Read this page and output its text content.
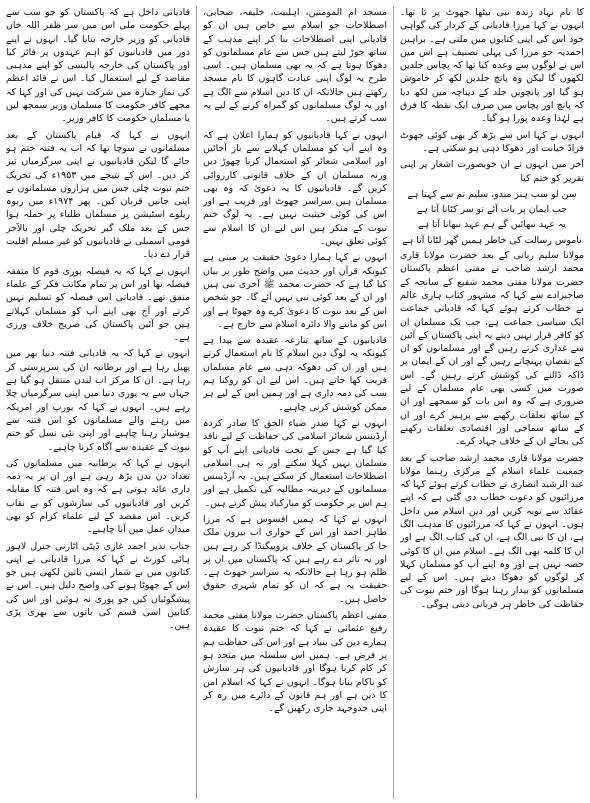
کا نام نہاد زندہ نبی بیٹھا جھوٹ پر تا تھا۔ انہوں نے کہا مرزا قادیانی کے کردار کی گواہی خود اس کی اپنی کتابوں میں ملتی ہے۔ براہین احمدیہ جو مرزا کی پہلی تصنیف ہے اس میں اس نے لوگوں سے وعدہ کیا تھا کہ پچاس جلدیں لکھوں گا لیکن وہ پانچ جلدیں لکھ کر خاموش ہو گیا اور پانچویں جلد کے دیباچہ میں لکھ دیا کہ پانچ اور پچاس میں صرف ایک نقطہ کا فرق ہے لہٰذا وعدہ پورا ہو گیا۔

انہوں نے کہا اس سے بڑھ کر بھی کوئی جھوٹ فراڈ خیانت اور دھوکا دہی ہو سکتی ہے۔

آخر میں انہوں نے ان خوبصورت اشعار پر اپنی تقریر کو ختم کیا

سن لو سب ہنر مندو، سلیم تم سے کہتا ہے

جب ایمان پر بات آئے تو سر کٹانا آتا ہے

یہ عہد نبھائیں گے ہم عہد نبھانا آتا ہے

ناموس رسالت کی خاطر ہمیں گھر لٹانا آتا ہے

مولانا سلیم ربانی کے بعد حضرت مولانا قاری محمد ارشد صاحب نے مفتی اعظم پاکستان حضرت مولانا مفتی محمد شفیع کے سانحہ کے صاحبزادے سے کہا کہ مشہور کتاب ہاری عالم نے خطاب کرتے ہوئے کہا کہ قادیانی جماعت ایک سیاسی جماعت ہے، جب تک مسلمان ان کو کافر قرار نہیں دیتے یہ اپنی پاکستان کے آئین سے غداری کرتے رہیں گے اور مسلمانوں کو ان کے نقصان پہنچاتے رہیں گے اور ان کے ایمان پر ڈاکہ ڈالنے کی کوشش کرتے رہیں گے۔ اس صورت میں کسی بھی عام مسلمان کے لیے ضروری ہے کہ وہ اس بات کو سمجھے اور ان کے ساتھ تعلقات رکھنے سے پرہیز کرے اور ان کے ساتھ سماجی اور اقتصادی تعلقات رکھنے کی بجائے ان کے خلاف جہاد کرے۔

حضرت مولانا قاری محمد ارشد صاحب کے بعد جمعیت علماء اسلام کے مرکزی رہنما مولانا عبد الرشید انصاری نے خطاب کرتے ہوئے کہا کہ مرزائیوں کو دعوت خطاب دی گئی ہے کہ اپنے عقائد سے توبہ کریں اور دین اسلام میں داخل ہوں۔ انہوں نے کہا کہ مرزائیوں کا مذہب الگ ہے، ان کا نبی الگ ہے، ان کی کتاب الگ ہے اور ان کا کلمہ بھی الگ ہے۔ اسلام میں ان کا کوئی حصہ نہیں ہے اور وہ اپنے آپ کو مسلمان کہلا کر لوگوں کو دھوکا دیتے ہیں۔ اس کے لیے مسلمانوں کو بیدار رہنا ہوگا اور ختم نبوت کی حفاظت کی خاطر ہر قربانی دینی ہوگی۔

مسجد ام المومنین، اہلبیت، خلیفہ، صحابی، اصطلاحات جو اسلام سے خاص ہیں ان کو قادیانی اپنی اصطلاحات بنا کر اپنے مذہب کے ساتھ جوڑ لیتے ہیں جس سے عام مسلمانوں کو دھوکا ہوتا ہے کہ یہ بھی مسلمان ہیں۔ اسی طرح یہ لوگ اپنی عبادت گاہوں کا نام مسجد رکھتے ہیں حالانکہ ان کا دین اسلام سے الگ ہے اور یہ لوگ مسلمانوں کو گمراہ کرنے کے لیے یہ سب کرتے ہیں۔

انہوں نے کہا قادیانیوں کو ہمارا اعلان ہے کہ وہ اپنے آپ کو مسلمان کہلانے سے باز آجائیں اور اسلامی شعائر کو استعمال کرنا چھوڑ دیں ورنہ مسلمان ان کے خلاف قانونی کارروائی کریں گے۔ قادیانیوں کا یہ دعویٰ کہ وہ بھی مسلمان ہیں سراسر جھوٹ اور فریب ہے اور اس کی کوئی حیثیت نہیں ہے۔ یہ لوگ ختم نبوت کے منکر ہیں اس لیے ان کا اسلام سے کوئی تعلق نہیں۔

انہوں نے کہا ہمارا دعویٰ حقیقت پر مبنی ہے کیونکہ قرآن اور حدیث میں واضح طور پر بیان کیا گیا ہے کہ حضرت محمد ﷺ آخری نبی ہیں اور ان کے بعد کوئی نبی نہیں آئے گا۔ جو شخص اس کے بعد نبوت کا دعویٰ کرے وہ جھوٹا ہے اور اس کو ماننے والا دائرہ اسلام سے خارج ہے۔

قادیانیوں کے ساتھ تنازعہ عقیدہ سے بیدا ہے کیونکہ یہ لوگ دین اسلام کا نام استعمال کرتے ہیں اور ان کی دھوکہ دہی سے عام مسلمان فریب کھا جاتے ہیں۔ اس لیے ان کو روکنا ہم سب کی ذمہ داری ہے اور ہمیں اس کے لیے ہر ممکن کوشش کرنی چاہیے۔

انہوں نے کہا صدر ضیاء الحق کا صادر کردہ آرڈیننس شعائر اسلامی کی حفاظت کے لیے نافذ کیا گیا ہے جس کے تحت قادیانی اپنے آپ کو مسلمان نہیں کہلا سکتے اور نہ ہی اسلامی اصطلاحات استعمال کر سکتے ہیں۔ یہ آرڈیننس مسلمانوں کے دیرینہ مطالبہ کی تکمیل ہے اور ہم اس پر حکومت کو مبارکباد پیش کرتے ہیں۔

انہوں نے کہا کہ ہمیں افسوس ہے کہ مرزا طاہر احمد اور اس کے حواری اب بیرون ملک جا کر پاکستان کے خلاف پروپیگنڈا کر رہے ہیں اور یہ تاثر دے رہے ہیں کہ پاکستان میں ان پر ظلم ہو رہا ہے حالانکہ یہ سراسر جھوٹ ہے۔ حقیقت یہ ہے کہ ان کو تمام شہری حقوق حاصل ہیں۔

مفتی اعظم پاکستان حضرت مولانا مفتی محمد رفیع عثمانی نے کہا کہ ختم نبوت کا عقیدہ ہمارے دین کی بنیاد ہے اور اس کی حفاظت ہم پر فرض ہے۔ ہمیں اس سلسلہ میں متحد ہو کر کام کرنا ہوگا اور قادیانیوں کی ہر سازش کو ناکام بنانا ہوگا۔ انہوں نے کہا کہ اسلام امن کا دین ہے اور ہم قانون کے دائرے میں رہ کر اپنی جدوجہد جاری رکھیں گے۔

قادیانی داخل ہے کہ پاکستان کو جو سب سے پہلے حکومت ملی اس میں سر ظفر اللہ خاں قادیانی کو وزیر خارجہ بنایا گیا۔ انہوں نے اپنے دور میں قادیانیوں کو اہم عہدوں پر فائز کیا اور پاکستان کی خارجہ پالیسی کو اپنے مذہبی مقاصد کے لیے استعمال کیا۔ اس نے قائد اعظم کی نماز جنازہ میں شرکت نہیں کی اور کہا کہ مجھے کافر حکومت کا مسلمان وزیر سمجھ لیں یا مسلمان حکومت کا کافر وزیر۔

انہوں نے کہا کہ قیام پاکستان کے بعد مسلمانوں نے سوچا تھا کہ اب یہ فتنہ ختم ہو جائے گا لیکن قادیانیوں نے اپنی سرگرمیاں تیز کر دیں۔ اس کے نتیجے میں ۱۹۵۳ء کی تحریک ختم نبوت چلی جس میں ہزاروں مسلمانوں نے اپنی جانیں قربان کیں۔ پھر ۱۹۷۴ء میں ربوہ ریلوے اسٹیشن پر مسلمان طلباء پر حملہ ہوا جس کے بعد ملک گیر تحریک چلی اور بالآخر قومی اسمبلی نے قادیانیوں کو غیر مسلم اقلیت قرار دے دیا۔

انہوں نے کہا کہ یہ فیصلہ پوری قوم کا متفقہ فیصلہ تھا اور اس پر تمام مکاتب فکر کے علماء متفق تھے۔ قادیانی اس فیصلہ کو تسلیم نہیں کرتے اور آج بھی اپنے آپ کو مسلمان کہلاتے ہیں جو آئین پاکستان کی صریح خلاف ورزی ہے۔

انہوں نے کہا کہ یہ قادیانی فتنہ دنیا بھر میں پھیل رہا ہے اور برطانیہ ان کی سرپرستی کر رہا ہے۔ ان کا مرکز اب لندن منتقل ہو گیا ہے جہاں سے یہ پوری دنیا میں اپنی سرگرمیاں چلا رہے ہیں۔ انہوں نے کہا کہ یورپ اور امریکہ میں رہنے والے مسلمانوں کو اس فتنہ سے ہوشیار رہنا چاہیے اور اپنی نئی نسل کو ختم نبوت کے عقیدہ سے آگاہ کرنا چاہیے۔

انہوں نے کہا کہ برطانیہ میں مسلمانوں کی تعداد دن بدن بڑھ رہی ہے اور ان پر یہ ذمہ داری عائد ہوتی ہے کہ وہ اس فتنہ کا مقابلہ کریں اور قادیانیوں کی سازشوں کو بے نقاب کریں۔ اس مقصد کے لیے علماء کرام کو بھی میدان عمل میں آنا چاہیے۔

جناب نذیر احمد غازی ڈپٹی اٹارنی جنرل لاہور ہائی کورٹ نے کہا کہ مرزا قادیانی نے اپنی کتابوں میں بے شمار ایسی باتیں لکھی ہیں جو اس کے جھوٹا ہونے کی واضح دلیل ہیں۔ اس نے پیشگوئیاں کیں جو پوری نہ ہوئیں اور اس کی کتابیں اسی قسم کی باتوں سے بھری پڑی ہیں۔
